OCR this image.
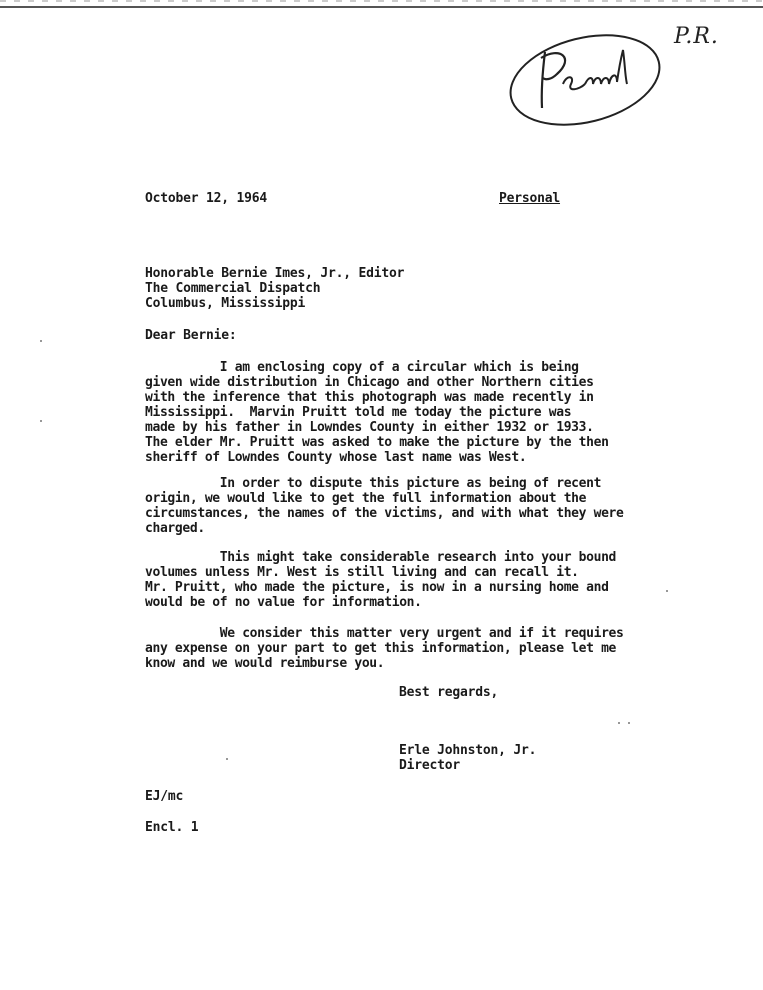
P.R.
October 12, 1964	Personal
Honorable Bernie Imes, Jr., Editor
The Commercial Dispatch
Columbus, Mississippi
Dear Bernie:
I am enclosing copy of a circular which is being
given wide distribution in Chicago and other Northern cities
with the inference that this photograph was made recently in
Mississippi.  Marvin Pruitt told me today the picture was
made by his father in Lowndes County in either 1932 or 1933.
The elder Mr. Pruitt was asked to make the picture by the then
sheriff of Lowndes County whose last name was West.
In order to dispute this picture as being of recent
origin, we would like to get the full information about the
circumstances, the names of the victims, and with what they were
charged.
This might take considerable research into your bound
volumes unless Mr. West is still living and can recall it.
Mr. Pruitt, who made the picture, is now in a nursing home and
would be of no value for information.
We consider this matter very urgent and if it requires
any expense on your part to get this information, please let me
know and we would reimburse you.
Best regards,
Erle Johnston, Jr.
Director
EJ/mc
Encl. 1
